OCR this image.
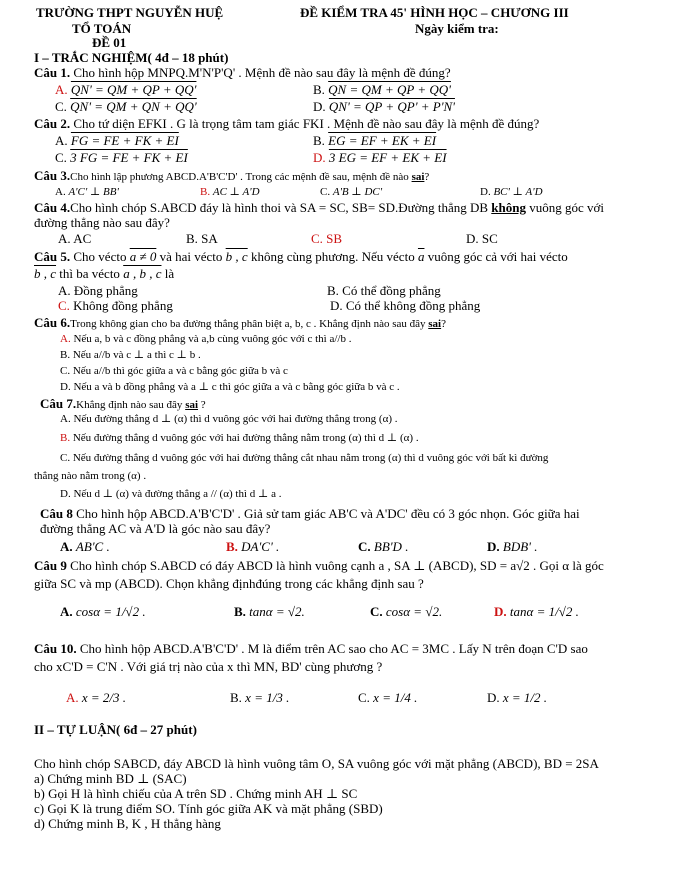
TRƯỜNG THPT NGUYỄN HUỆ	ĐỀ KIỂM TRA 45' HÌNH HỌC – CHƯƠNG III
TỔ TOÁN	Ngày kiểm tra:
ĐỀ 01
I – TRẮC NGHIỆM( 4đ – 18 phút)
Câu 1. Cho hình hộp MNPQ.M'N'P'Q' . Mệnh đề nào sau đây là mệnh đề đúng?
A. QN' = QM + QP + QQ'	B. QN = QM + QP + QQ'
C. QN' = QM + QN + QQ'	D. QN' = QP + QP' + P'N'
Câu 2. Cho tứ diện EFKI . G là trọng tâm tam giác FKI . Mệnh đề nào sau đây là mệnh đề đúng?
A. FG = FE + FK + EI	B. EG = EF + EK + EI
C. 3 FG = FE + FK + EI	D. 3 EG = EF + EK + EI
Câu 3.Cho hình lập phương ABCD.A'B'C'D' . Trong các mệnh đề sau, mệnh đề nào sai?
A. A'C' ⊥ BB'	B. AC ⊥ A'D	C. A'B ⊥ DC'	D. BC' ⊥ A'D
Câu 4.Cho hình chóp S.ABCD đáy là hình thoi và SA = SC, SB= SD.Đường thẳng DB không vuông góc với
đường thẳng nào sau đây?
A. AC	B. SA	C. SB	D. SC
Câu 5. Cho vécto a ≠ 0 và hai vécto b , c không cùng phương. Nếu vécto $\overline{a}$ vuông góc cả với hai vécto
b , c thì ba vécto a , b , c là
A. Đồng phẳng	B. Có thể đồng phẳng
C. Không đồng phẳng	D. Có thể không đồng phẳng
Câu 6.Trong không gian cho ba đường thẳng phân biệt a, b, c . Khẳng định nào sau đây sai?
A. Nếu a, b và c đồng phẳng và a,b cùng vuông góc với c thì a//b .
B. Nếu a//b và c ⊥ a thì c ⊥ b .
C. Nếu a//b thì góc giữa a và c bằng góc giữa b và c
D. Nếu a và b đồng phẳng và a ⊥ c thì góc giữa a và c bằng góc giữa b và c .
Câu 7.Khẳng định nào sau đây sai ?
A. Nếu đường thẳng d ⊥ (α) thì d vuông góc với hai đường thẳng trong (α) .
B. Nếu đường thẳng d vuông góc với hai đường thẳng nằm trong (α) thì d ⊥ (α) .
C. Nếu đường thẳng d vuông góc với hai đường thẳng cắt nhau nằm trong (α) thì d vuông góc với bất kì đường
thẳng nào nằm trong (α) .
D. Nếu d ⊥ (α) và đường thẳng a // (α) thì d ⊥ a .
Câu 8 Cho hình hộp ABCD.A'B'C'D' . Giả sử tam giác AB'C và A'DC' đều có 3 góc nhọn. Góc giữa hai
đường thẳng AC và A'D là góc nào sau đây?
A. AB'C .	B. DA'C' .	C. BB'D .	D. BDB' .
Câu 9 Cho hình chóp S.ABCD có đáy ABCD là hình vuông cạnh a , SA ⊥ (ABCD), SD = a√2 . Gọi α là góc
giữa SC và mp (ABCD). Chọn khẳng địnhđúng trong các khẳng định sau ?
A. cosα = 1/√2 .	B. tanα = √2.	C. cosα = √2.	D. tanα = 1/√2 .
Câu 10. Cho hình hộp ABCD.A'B'C'D' . M là điểm trên AC sao cho AC = 3MC . Lấy N trên đoạn C'D sao
cho xC'D = C'N . Với giá trị nào của x thì MN, BD' cùng phương ?
A. x = 2/3 .	B. x = 1/3 .	C. x = 1/4 .	D. x = 1/2 .
II – TỰ LUẬN( 6đ – 27 phút)
Cho hình chóp SABCD, đáy ABCD là hình vuông tâm O, SA vuông góc với mặt phẳng (ABCD), BD = 2SA
a) Chứng minh BD ⊥ (SAC)
b) Gọi H là hình chiếu của A trên SD . Chứng minh AH ⊥ SC
c) Gọi K là trung điểm SO. Tính góc giữa AK và mặt phẳng (SBD)
d) Chứng minh B, K , H thẳng hàng
